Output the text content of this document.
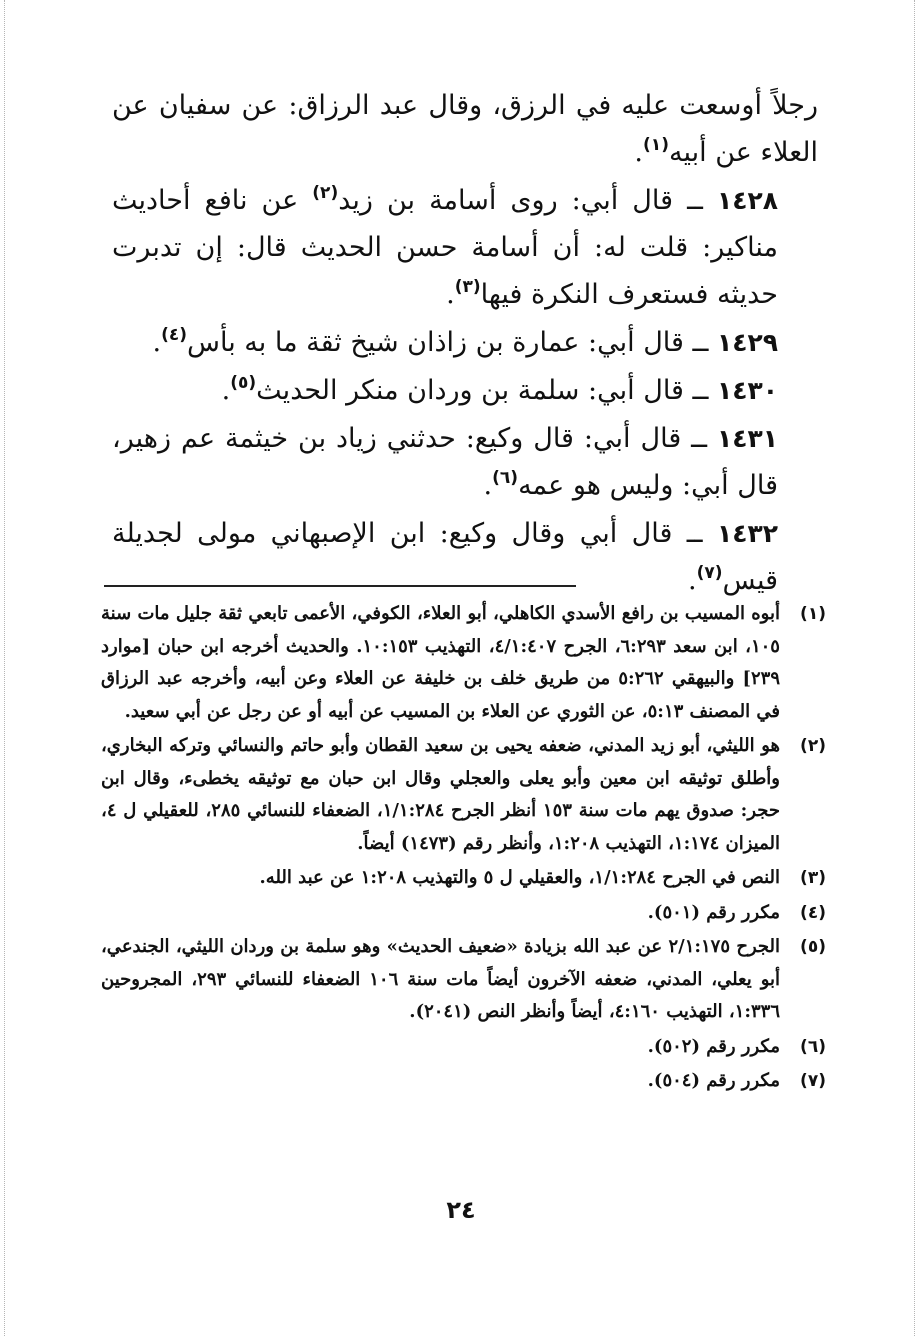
رجلاً أوسعت عليه في الرزق، وقال عبد الرزاق: عن سفيان عن العلاء عن أبيه$^{(١)}$.

١٤٢٨ ــ قال أبي: روى أسامة بن زيد$^{(٢)}$ عن نافع أحاديث مناكير: قلت له: أن أسامة حسن الحديث قال: إن تدبرت حديثه فستعرف النكرة فيها$^{(٣)}$.

١٤٢٩ ــ قال أبي: عمارة بن زاذان شيخ ثقة ما به بأس$^{(٤)}$.

١٤٣٠ ــ قال أبي: سلمة بن وردان منكر الحديث$^{(٥)}$.

١٤٣١ ــ قال أبي: قال وكيع: حدثني زياد بن خيثمة عم زهير، قال أبي: وليس هو عمه$^{(٦)}$.

١٤٣٢ ــ قال أبي وقال وكيع: ابن الإصبهاني مولى لجديلة قيس$^{(٧)}$.

(١)
أبوه المسيب بن رافع الأسدي الكاهلي، أبو العلاء، الكوفي، الأعمى تابعي ثقة جليل مات سنة ١٠٥، ابن سعد ٦:٢٩٣، الجرح ٤/١:٤٠٧، التهذيب ١٠:١٥٣. والحديث أخرجه ابن حبان [موارد ٢٣٩] والبيهقي ٥:٢٦٢ من طريق خلف بن خليفة عن العلاء وعن أبيه، وأخرجه عبد الرزاق في المصنف ٥:١٣، عن الثوري عن العلاء بن المسيب عن أبيه أو عن رجل عن أبي سعيد.
(٢)
هو الليثي، أبو زيد المدني، ضعفه يحيى بن سعيد القطان وأبو حاتم والنسائي وتركه البخاري، وأطلق توثيقه ابن معين وأبو يعلى والعجلي وقال ابن حبان مع توثيقه يخطىء، وقال ابن حجر: صدوق يهم مات سنة ١٥٣ أنظر الجرح ١/١:٢٨٤، الضعفاء للنسائي ٢٨٥، للعقيلي ل ٤، الميزان ١:١٧٤، التهذيب ١:٢٠٨، وأنظر رقم (١٤٧٣) أيضاً.
(٣)
النص في الجرح ١/١:٢٨٤، والعقيلي ل ٥ والتهذيب ١:٢٠٨ عن عبد الله.
(٤)
مكرر رقم (٥٠١).
(٥)
الجرح ٢/١:١٧٥ عن عبد الله بزيادة «ضعيف الحديث» وهو سلمة بن وردان الليثي، الجندعي، أبو يعلي، المدني، ضعفه الآخرون أيضاً مات سنة ١٠٦ الضعفاء للنسائي ٢٩٣، المجروحين ١:٣٣٦، التهذيب ٤:١٦٠، أيضاً وأنظر النص (٢٠٤١).
(٦)
مكرر رقم (٥٠٢).
(٧)
مكرر رقم (٥٠٤).
٢٤
